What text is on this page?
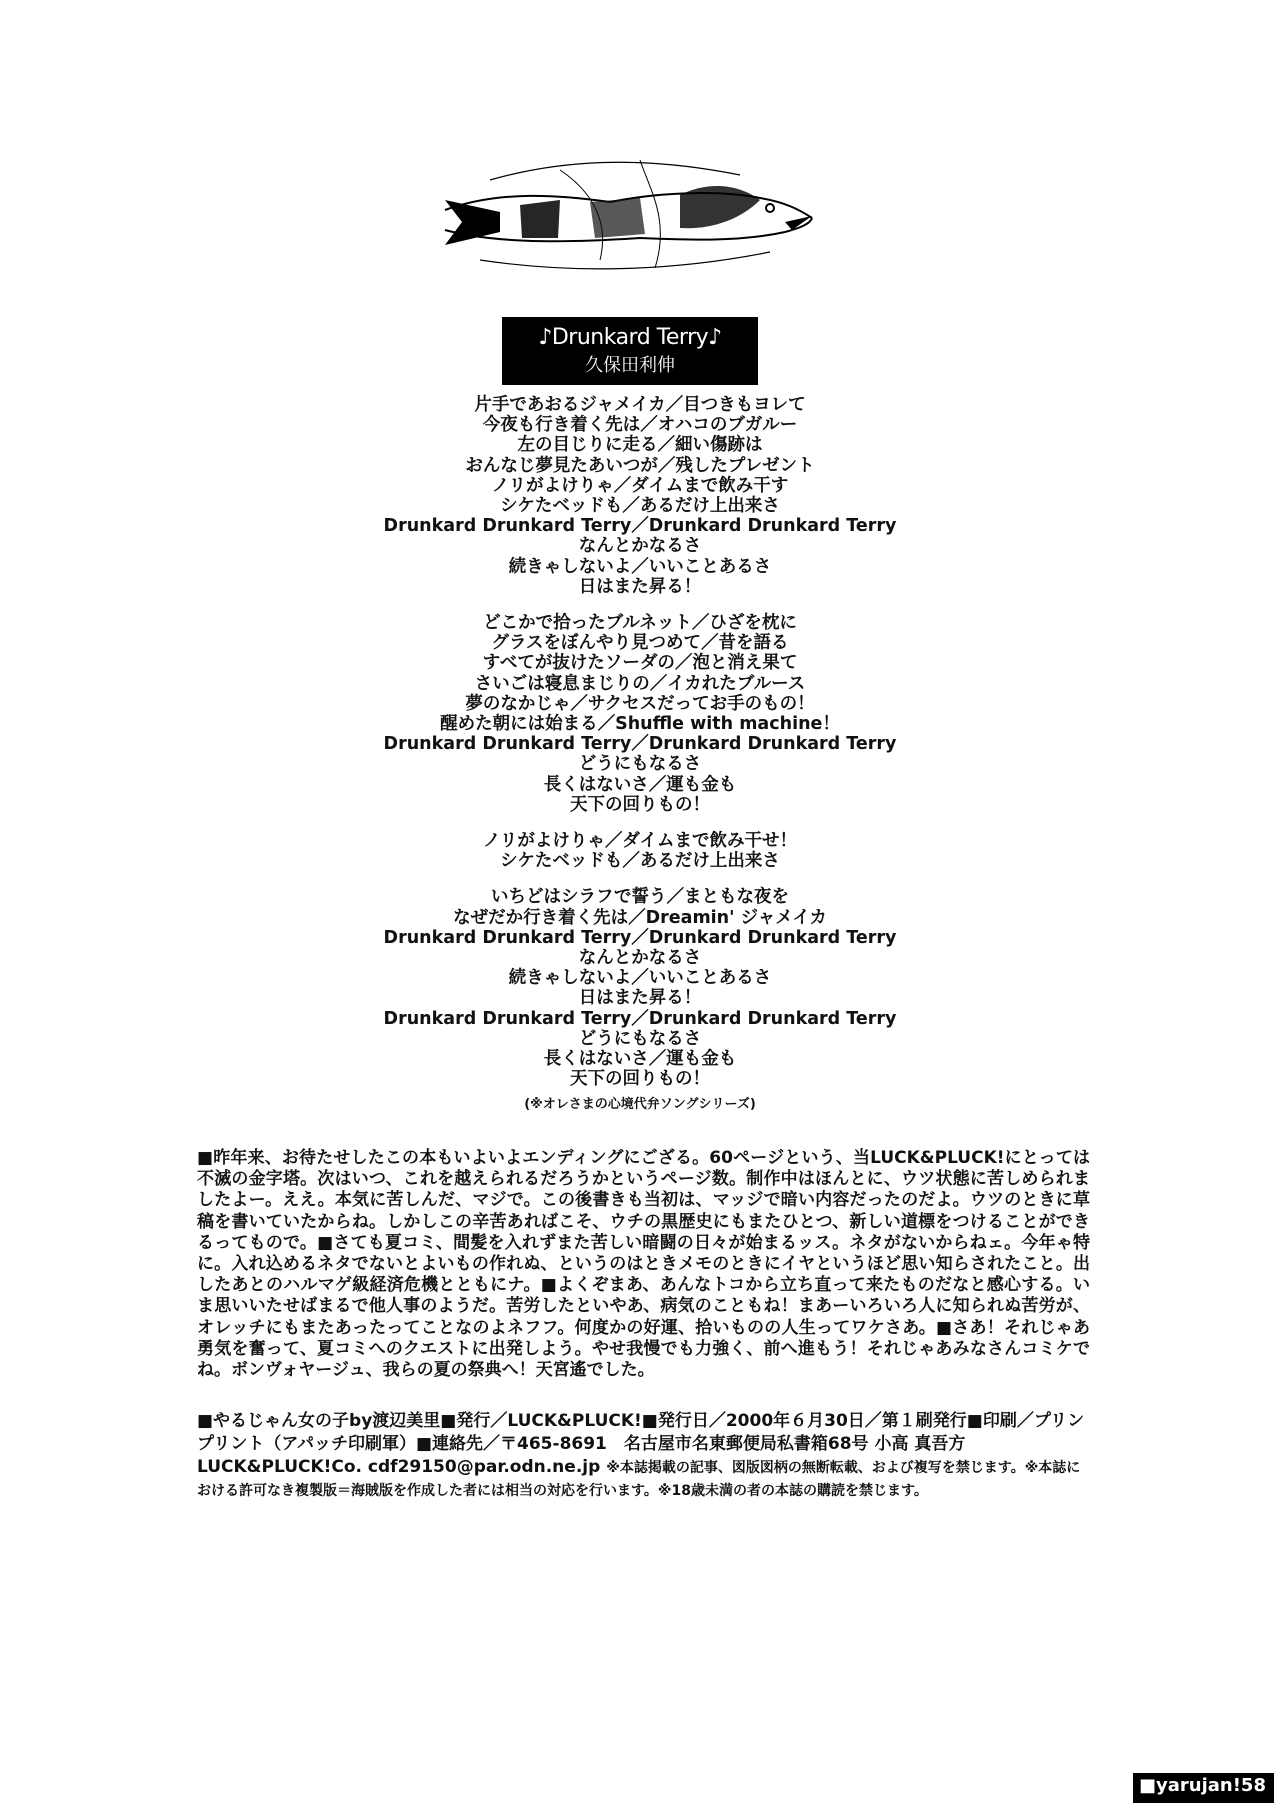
♪Drunkard Terry♪
久保田利伸
片手であおるジャメイカ／目つきもヨレて
今夜も行き着く先は／オハコのブガルー
左の目じりに走る／細い傷跡は
おんなじ夢見たあいつが／残したプレゼント
ノリがよけりゃ／ダイムまで飲み干す
シケたベッドも／あるだけ上出来さ
Drunkard Drunkard Terry／Drunkard Drunkard Terry
なんとかなるさ
続きゃしないよ／いいことあるさ
日はまた昇る！
どこかで拾ったブルネット／ひざを枕に
グラスをぼんやり見つめて／昔を語る
すべてが抜けたソーダの／泡と消え果て
さいごは寝息まじりの／イカれたブルース
夢のなかじゃ／サクセスだってお手のもの！
醒めた朝には始まる／Shuffle with machine！
Drunkard Drunkard Terry／Drunkard Drunkard Terry
どうにもなるさ
長くはないさ／運も金も
天下の回りもの！
ノリがよけりゃ／ダイムまで飲み干せ！
シケたベッドも／あるだけ上出来さ
いちどはシラフで誓う／まともな夜を
なぜだか行き着く先は／Dreamin' ジャメイカ
Drunkard Drunkard Terry／Drunkard Drunkard Terry
なんとかなるさ
続きゃしないよ／いいことあるさ
日はまた昇る！
Drunkard Drunkard Terry／Drunkard Drunkard Terry
どうにもなるさ
長くはないさ／運も金も
天下の回りもの！
(※オレさまの心境代弁ソングシリーズ)
■昨年来、お待たせしたこの本もいよいよエンディングにござる。60ページという、当LUCK&PLUCK!にとっては不滅の金字塔。次はいつ、これを越えられるだろうかというページ数。制作中はほんとに、ウツ状態に苦しめられましたよー。ええ。本気に苦しんだ、マジで。この後書きも当初は、マッジで暗い内容だったのだよ。ウツのときに草稿を書いていたからね。しかしこの辛苦あればこそ、ウチの黒歴史にもまたひとつ、新しい道標をつけることができるってもので。■さても夏コミ、間髪を入れずまた苦しい暗闘の日々が始まるッス。ネタがないからねェ。今年ゃ特に。入れ込めるネタでないとよいもの作れぬ、というのはときメモのときにイヤというほど思い知らされたこと。出したあとのハルマゲ級経済危機とともにナ。■よくぞまあ、あんなトコから立ち直って来たものだなと感心する。いま思いいたせばまるで他人事のようだ。苦労したといやあ、病気のこともね！まあーいろいろ人に知られぬ苦労が、オレッチにもまたあったってことなのよネフフ。何度かの好運、拾いものの人生ってワケさあ。■さあ！それじゃあ勇気を奮って、夏コミへのクエストに出発しよう。やせ我慢でも力強く、前へ進もう！それじゃあみなさんコミケでね。ボンヴォヤージュ、我らの夏の祭典へ！天宮遙でした。
■やるじゃん女の子by渡辺美里■発行／LUCK&PLUCK!■発行日／2000年６月30日／第１刷発行■印刷／プリンプリント（アパッチ印刷軍）■連絡先／〒465-8691　名古屋市名東郵便局私書箱68号 小高 真吾方 LUCK&PLUCK!Co. cdf29150@par.odn.ne.jp ※本誌掲載の記事、図版図柄の無断転載、および複写を禁じます。※本誌における許可なき複製版＝海賊版を作成した者には相当の対応を行います。※18歳未満の者の本誌の購読を禁じます。
■yarujan!58
